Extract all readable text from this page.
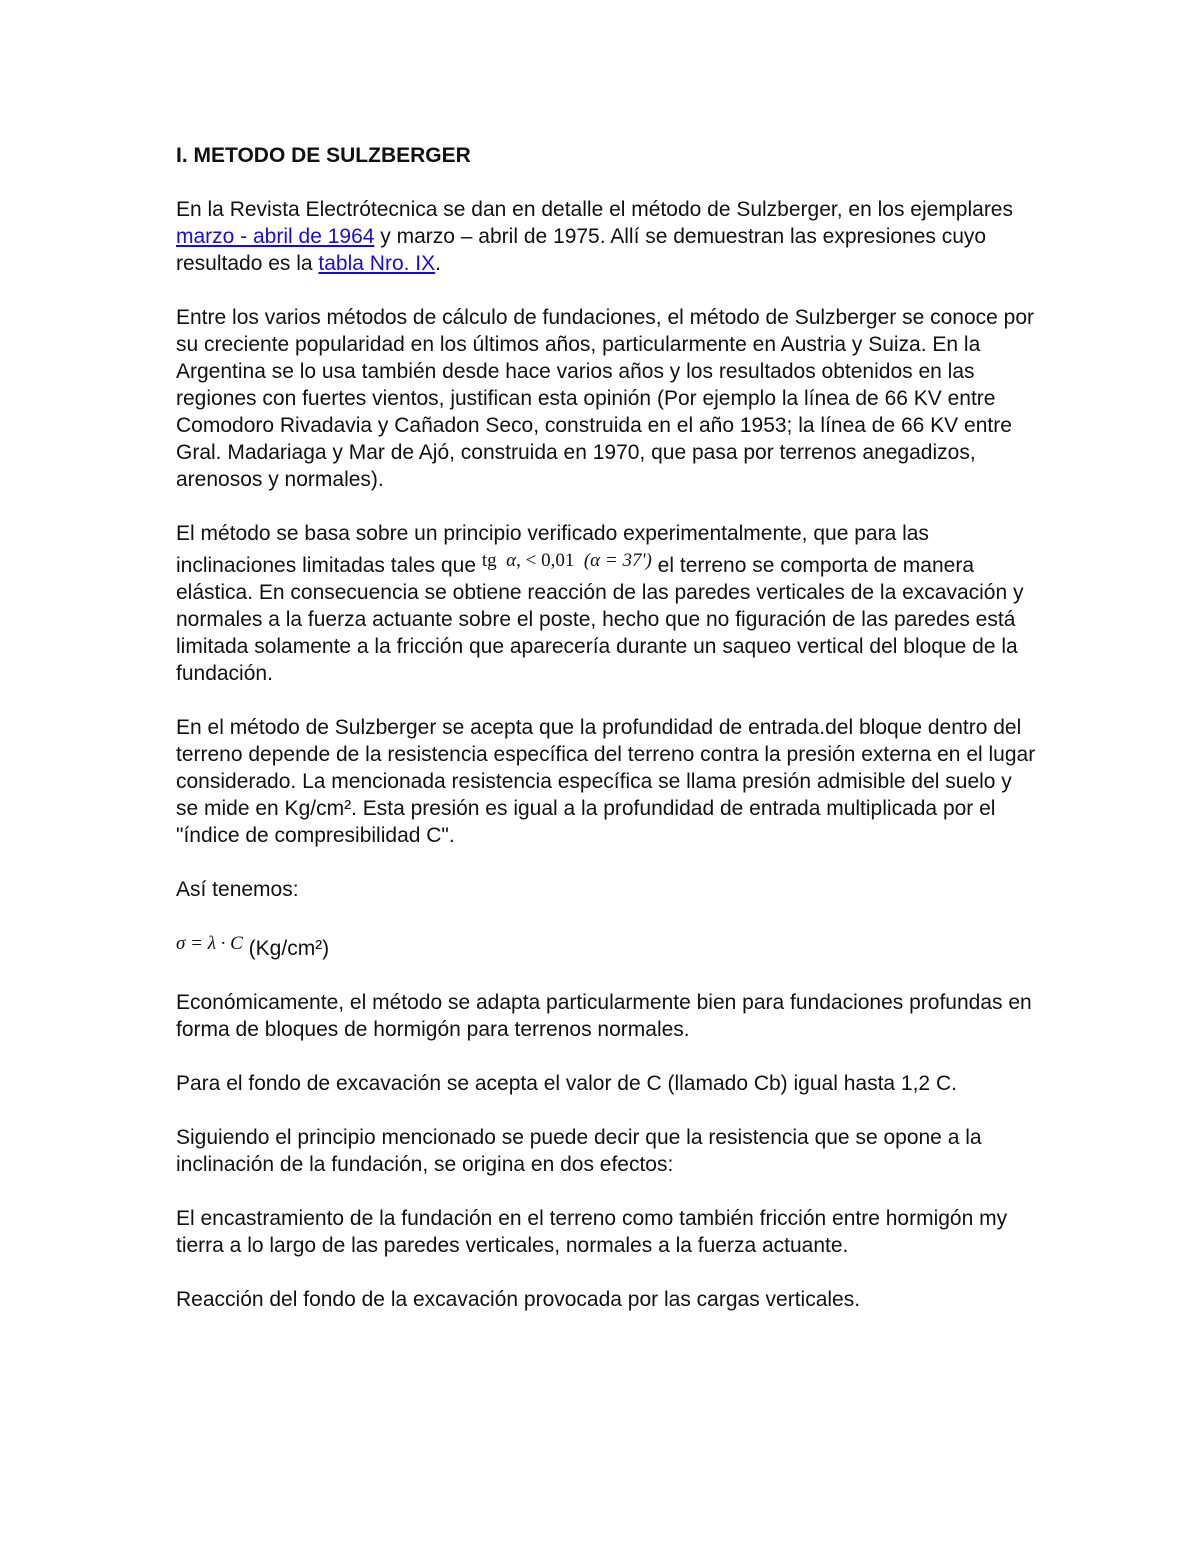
I. METODO DE SULZBERGER

En la Revista Electrótecnica se dan en detalle el método de Sulzberger, en los ejemplares marzo - abril de 1964 y marzo – abril de 1975. Allí se demuestran las expresiones cuyo resultado es la tabla Nro. IX.

Entre los varios métodos de cálculo de fundaciones, el método de Sulzberger se conoce por su creciente popularidad en los últimos años, particularmente en Austria y Suiza. En la Argentina se lo usa también desde hace varios años y los resultados obtenidos en las regiones con fuertes vientos, justifican esta opinión (Por ejemplo la línea de 66 KV entre Comodoro Rivadavia y Cañadon Seco, construida en el año 1953; la línea de 66 KV entre Gral. Madariaga y Mar de Ajó, construida en 1970, que pasa por terrenos anegadizos, arenosos y normales).

El método se basa sobre un principio verificado experimentalmente, que para las inclinaciones limitadas tales que tg α, < 0,01  (α = 37') el terreno se comporta de manera elástica. En consecuencia se obtiene reacción de las paredes verticales de la excavación y normales a la fuerza actuante sobre el poste, hecho que no figuración de las paredes está limitada solamente a la fricción que aparecería durante un saqueo vertical del bloque de la fundación.

En el método de Sulzberger se acepta que la profundidad de entrada.del bloque dentro del terreno depende de la resistencia específica del terreno contra la presión externa en el lugar considerado. La mencionada resistencia específica se llama presión admisible del suelo y se mide en Kg/cm². Esta presión es igual a la profundidad de entrada multiplicada por el "índice de compresibilidad C".

Así tenemos:

σ = λ · C (Kg/cm²)

Económicamente, el método se adapta particularmente bien para fundaciones profundas en forma de bloques de hormigón para terrenos normales.

Para el fondo de excavación se acepta el valor de C (llamado Cb) igual hasta 1,2 C.

Siguiendo el principio mencionado se puede decir que la resistencia que se opone a la inclinación de la fundación, se origina en dos efectos:

El encastramiento de la fundación en el terreno como también fricción entre hormigón my tierra a lo largo de las paredes verticales, normales a la fuerza actuante.

Reacción del fondo de la excavación provocada por las cargas verticales.
